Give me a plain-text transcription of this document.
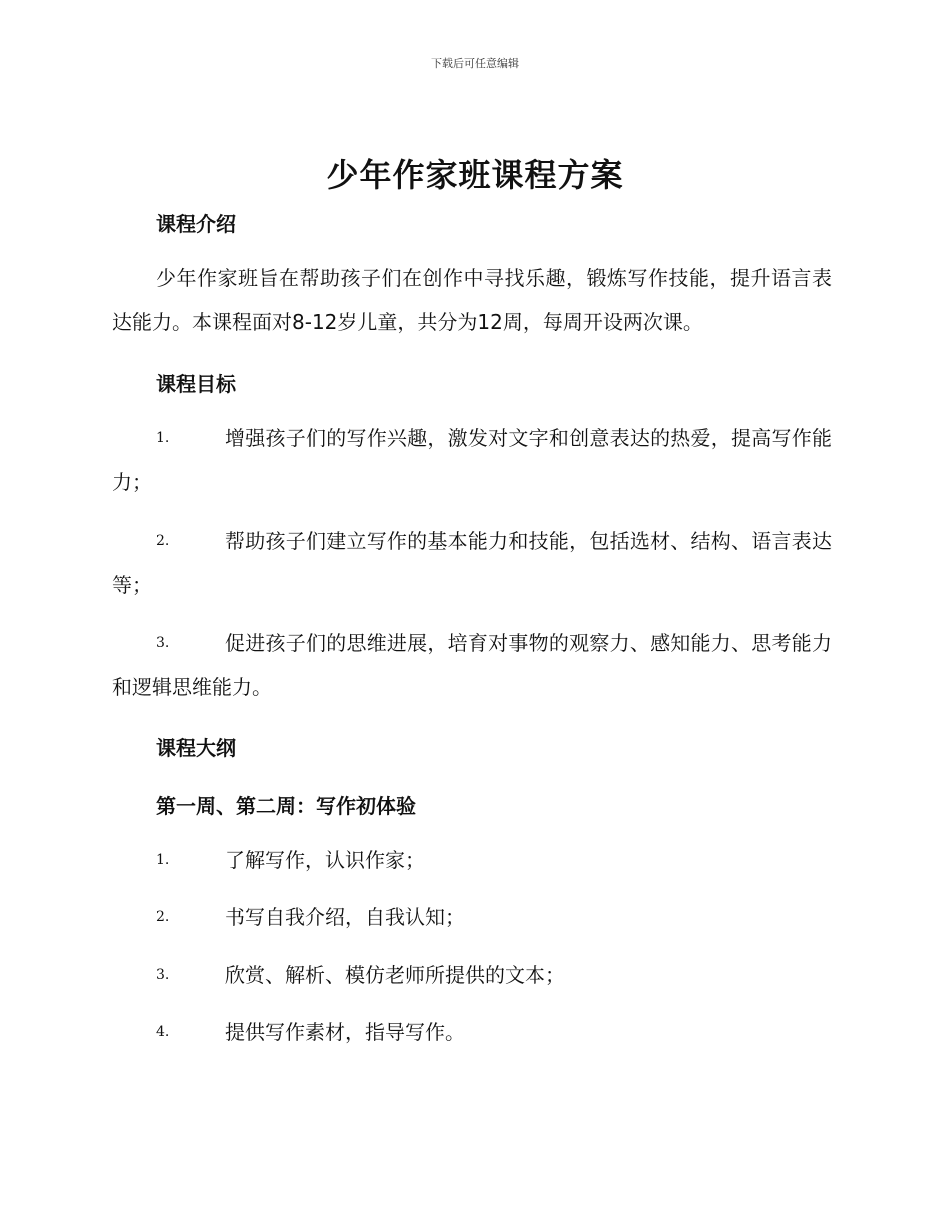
下载后可任意编辑
少年作家班课程方案
课程介绍
少年作家班旨在帮助孩子们在创作中寻找乐趣，锻炼写作技能，提升语言表达能力。本课程面对8-12岁儿童，共分为12周，每周开设两次课。
课程目标
1.	增强孩子们的写作兴趣，激发对文字和创意表达的热爱，提高写作能力；
2.	帮助孩子们建立写作的基本能力和技能，包括选材、结构、语言表达等；
3.	促进孩子们的思维进展，培育对事物的观察力、感知能力、思考能力和逻辑思维能力。
课程大纲
第一周、第二周：写作初体验
1.	了解写作，认识作家；
2.	书写自我介绍，自我认知；
3.	欣赏、解析、模仿老师所提供的文本；
4.	提供写作素材，指导写作。
